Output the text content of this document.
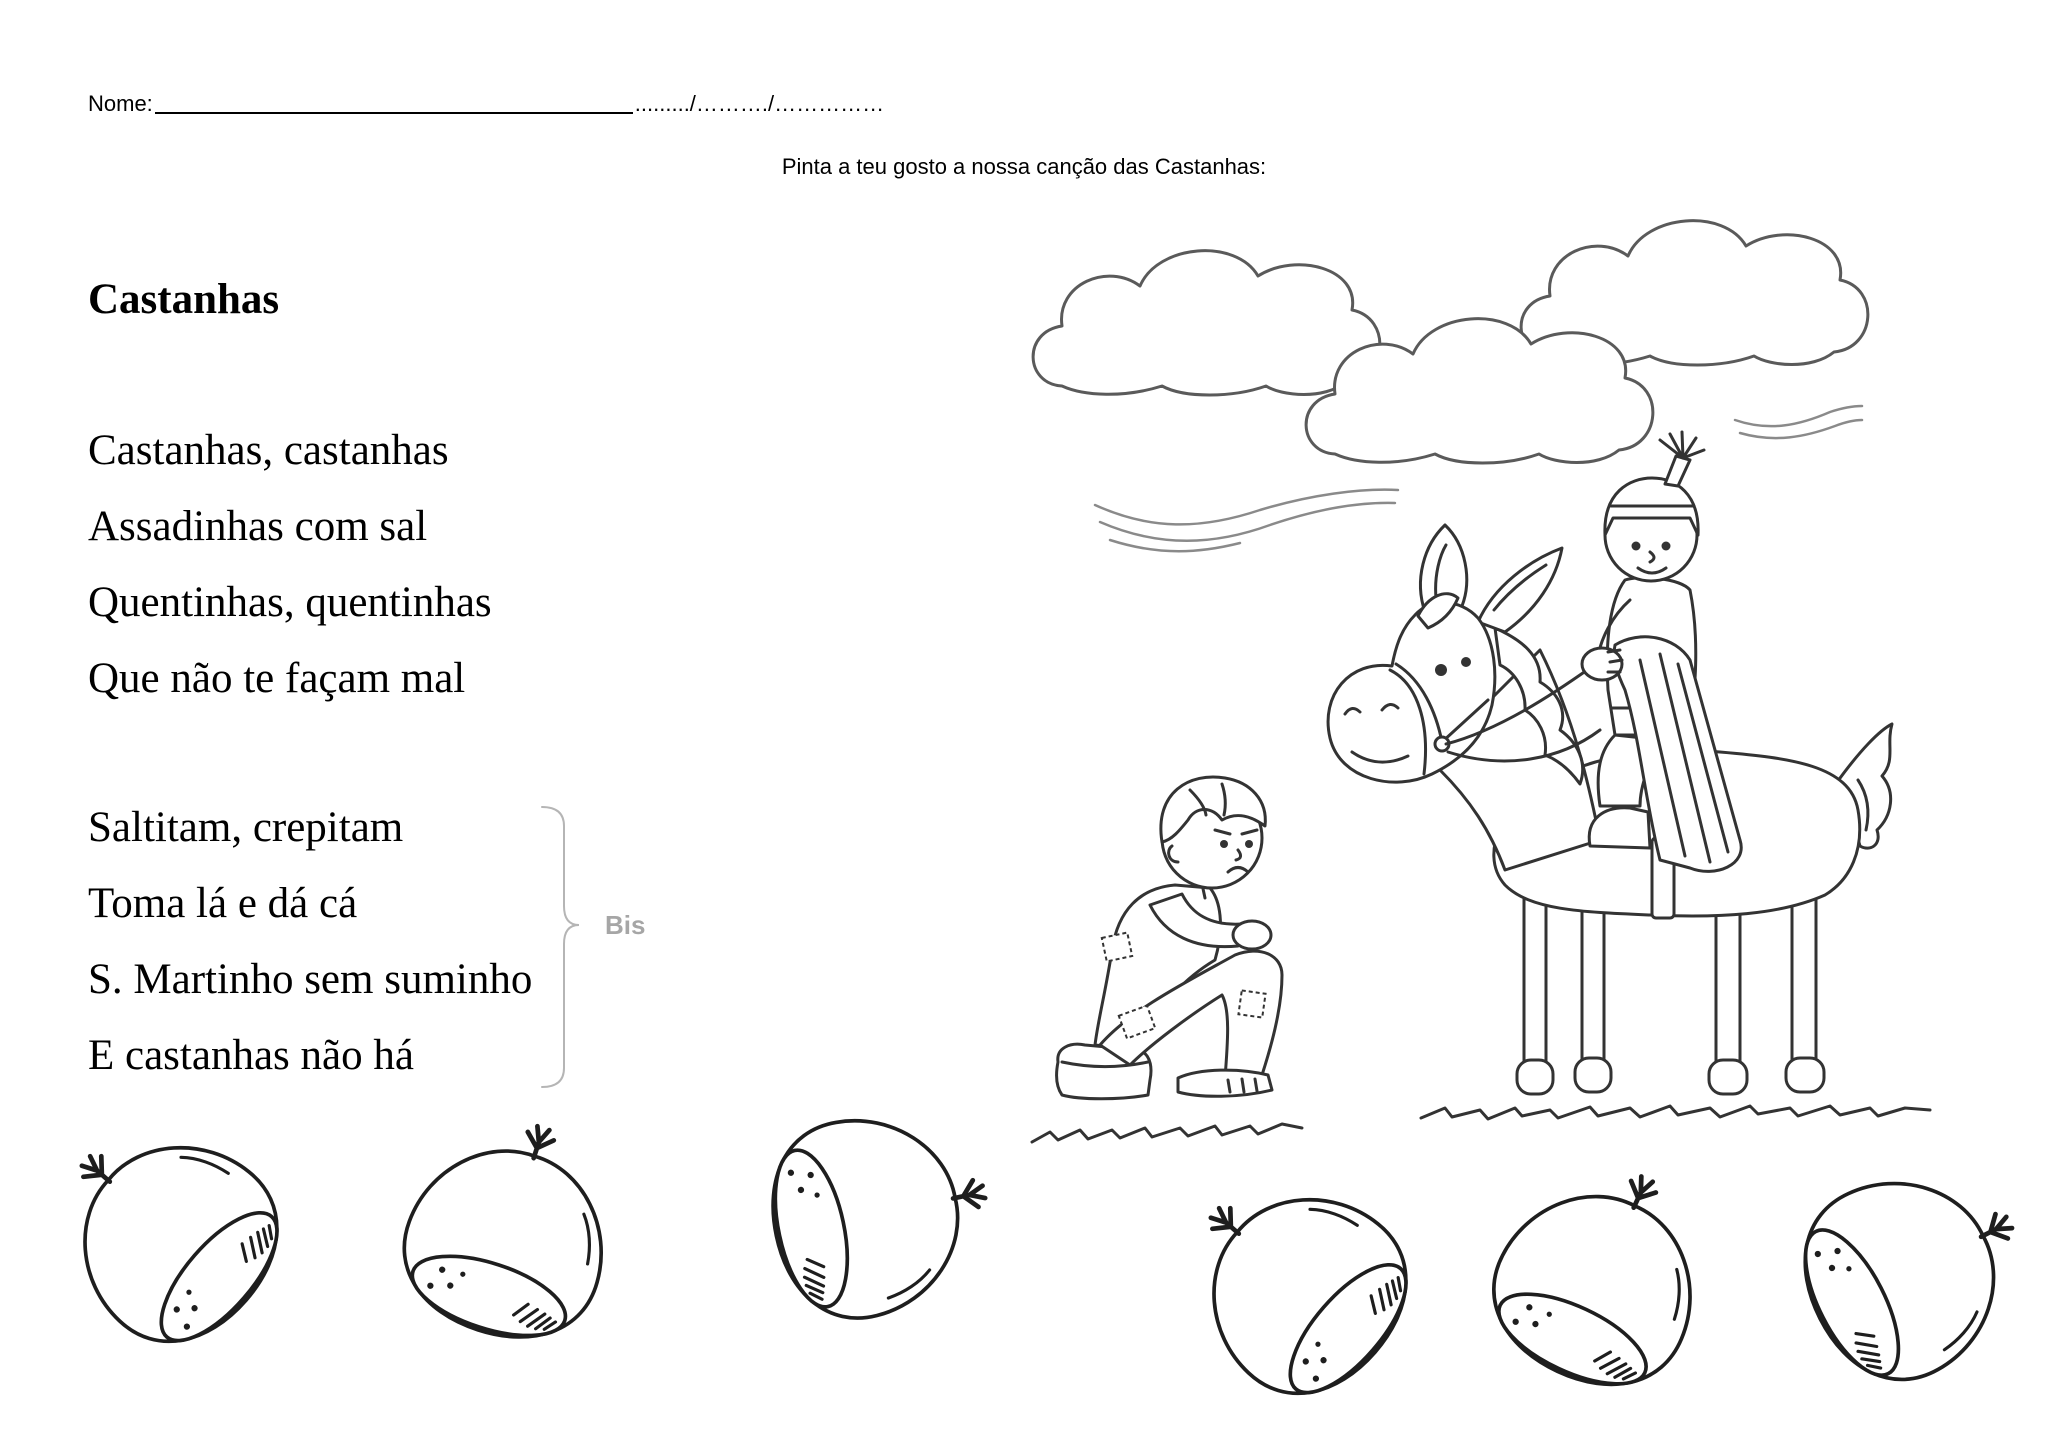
Nome:	........./………./……………
Pinta a teu gosto a nossa canção das Castanhas:
Castanhas
Castanhas, castanhas
Assadinhas com sal
Quentinhas, quentinhas
Que não te façam mal
Saltitam, crepitam
Toma lá e dá cá
S. Martinho sem suminho
E castanhas não há
Bis
